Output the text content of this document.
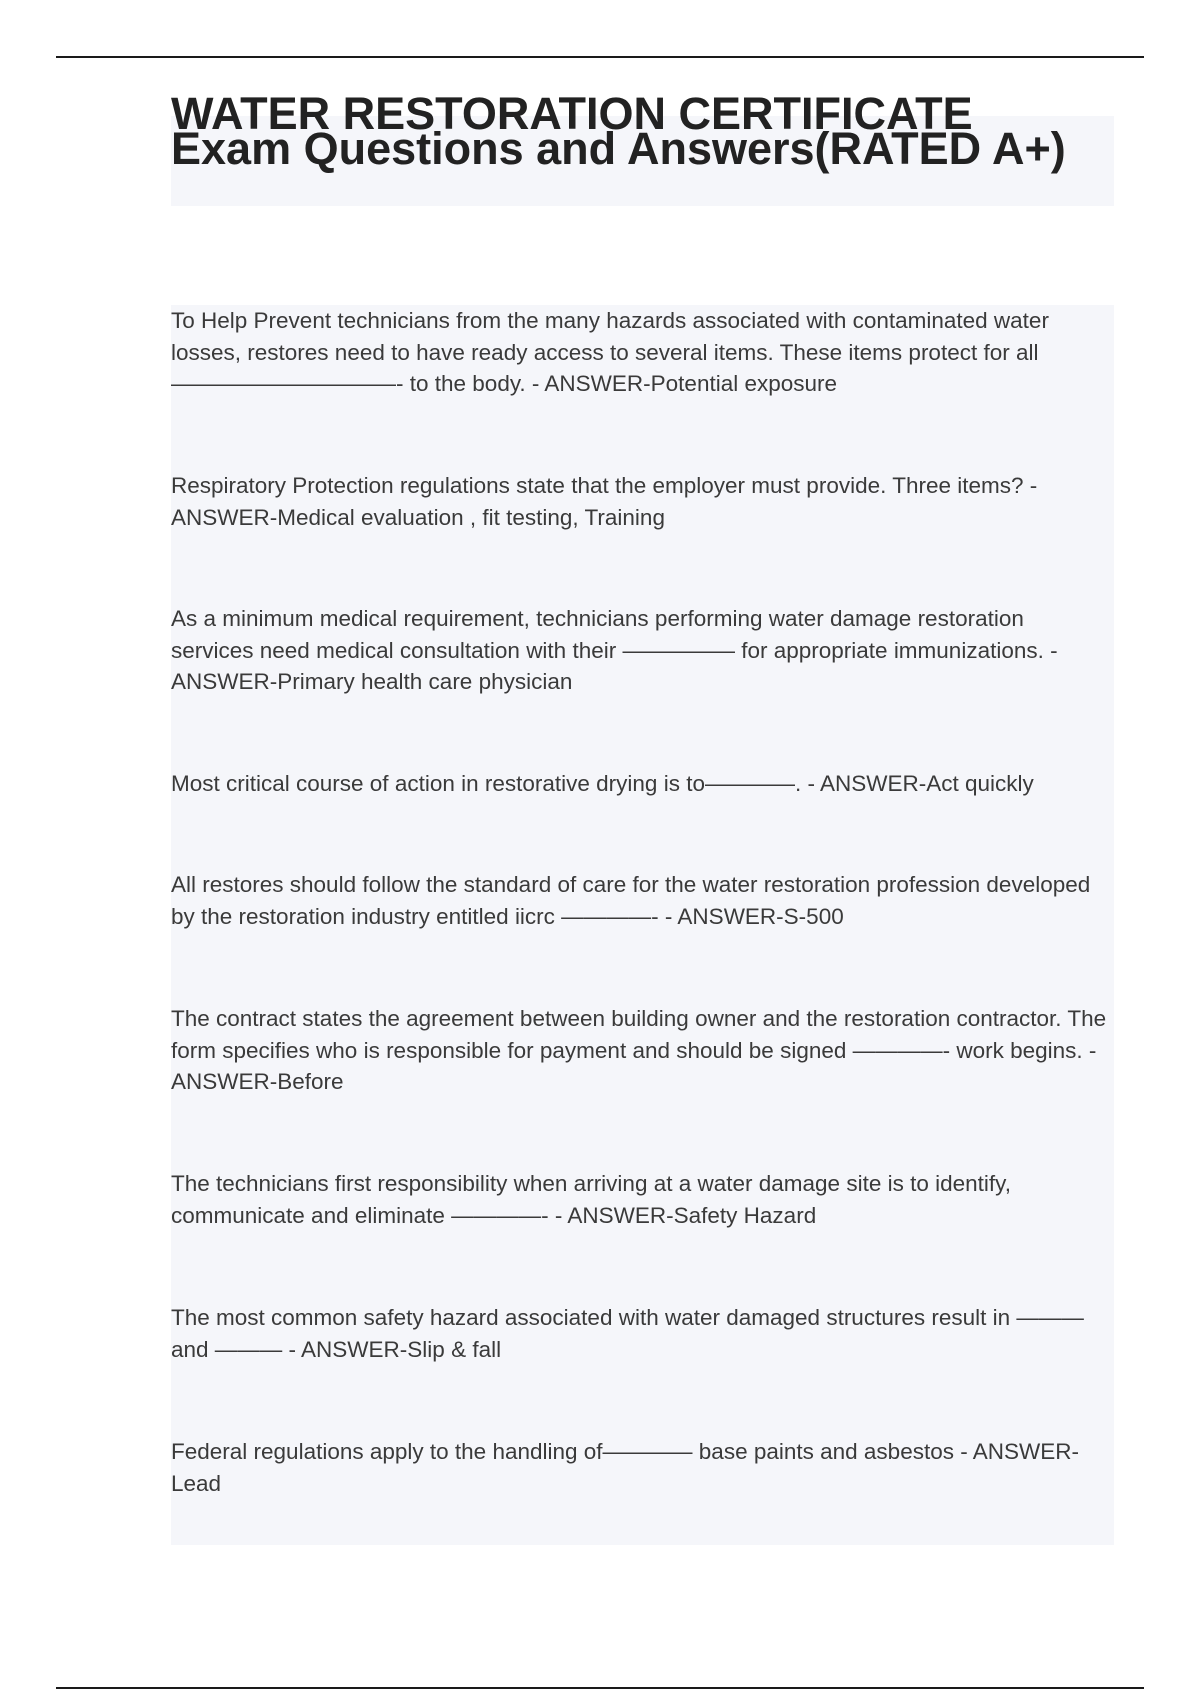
WATER RESTORATION CERTIFICATE Exam Questions and Answers(RATED A+)

To Help Prevent technicians from the many hazards associated with contaminated water losses, restores need to have ready access to several items. These items protect for all——————————- to the body. - ANSWER-Potential exposure

Respiratory Protection regulations state that the employer must provide. Three items? - ANSWER-Medical evaluation , fit testing, Training

As a minimum medical requirement, technicians performing water damage restoration services need medical consultation with their ————— for appropriate immunizations. - ANSWER-Primary health care physician

Most critical course of action in restorative drying is to————. - ANSWER-Act quickly

All restores should follow the standard of care for the water restoration profession developed by the restoration industry entitled iicrc ————- - ANSWER-S-500

The contract states the agreement between building owner and the restoration contractor. The form specifies who is responsible for payment and should be signed ————- work begins. - ANSWER-Before

The technicians first responsibility when arriving at a water damage site is to identify, communicate and eliminate ————- - ANSWER-Safety Hazard

The most common safety hazard associated with water damaged structures result in ——— and ——— - ANSWER-Slip & fall

Federal regulations apply to the handling of———— base paints and asbestos - ANSWER-Lead
